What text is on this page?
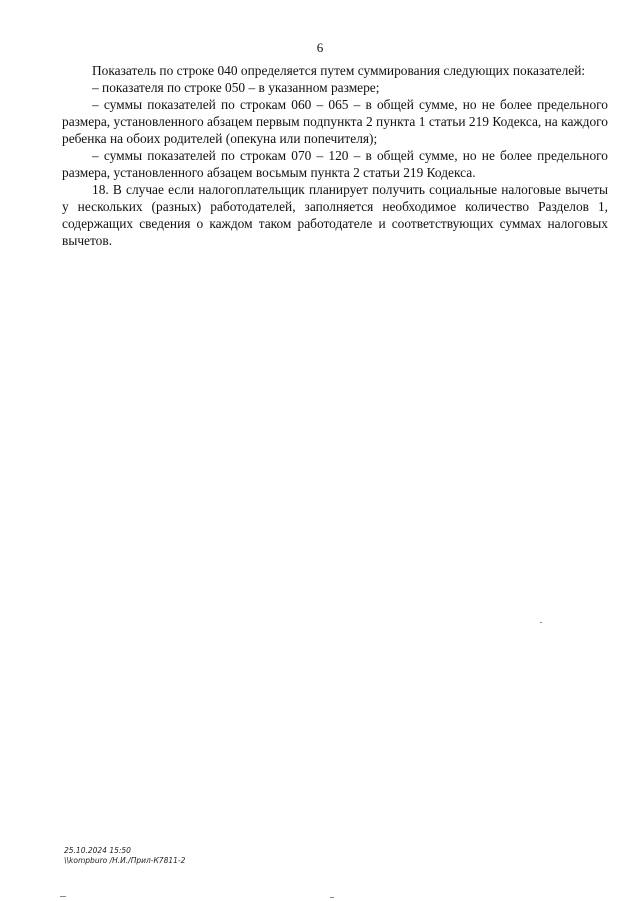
6

Показатель по строке 040 определяется путем суммирования следующих показателей:

– показателя по строке 050 – в указанном размере;

– суммы показателей по строкам 060 – 065 – в общей сумме, но не более предельного размера, установленного абзацем первым подпункта 2 пункта 1 статьи 219 Кодекса, на каждого ребенка на обоих родителей (опекуна или попечителя);

– суммы показателей по строкам 070 – 120 – в общей сумме, но не более предельного размера, установленного абзацем восьмым пункта 2 статьи 219 Кодекса.

18. В случае если налогоплательщик планирует получить социальные налоговые вычеты у нескольких (разных) работодателей, заполняется необходимое количество Разделов 1, содержащих сведения о каждом таком работодателе и соответствующих суммах налоговых вычетов.

25.10.2024 15:50
\\kompburo /Н.И./Прил-К7811-2
